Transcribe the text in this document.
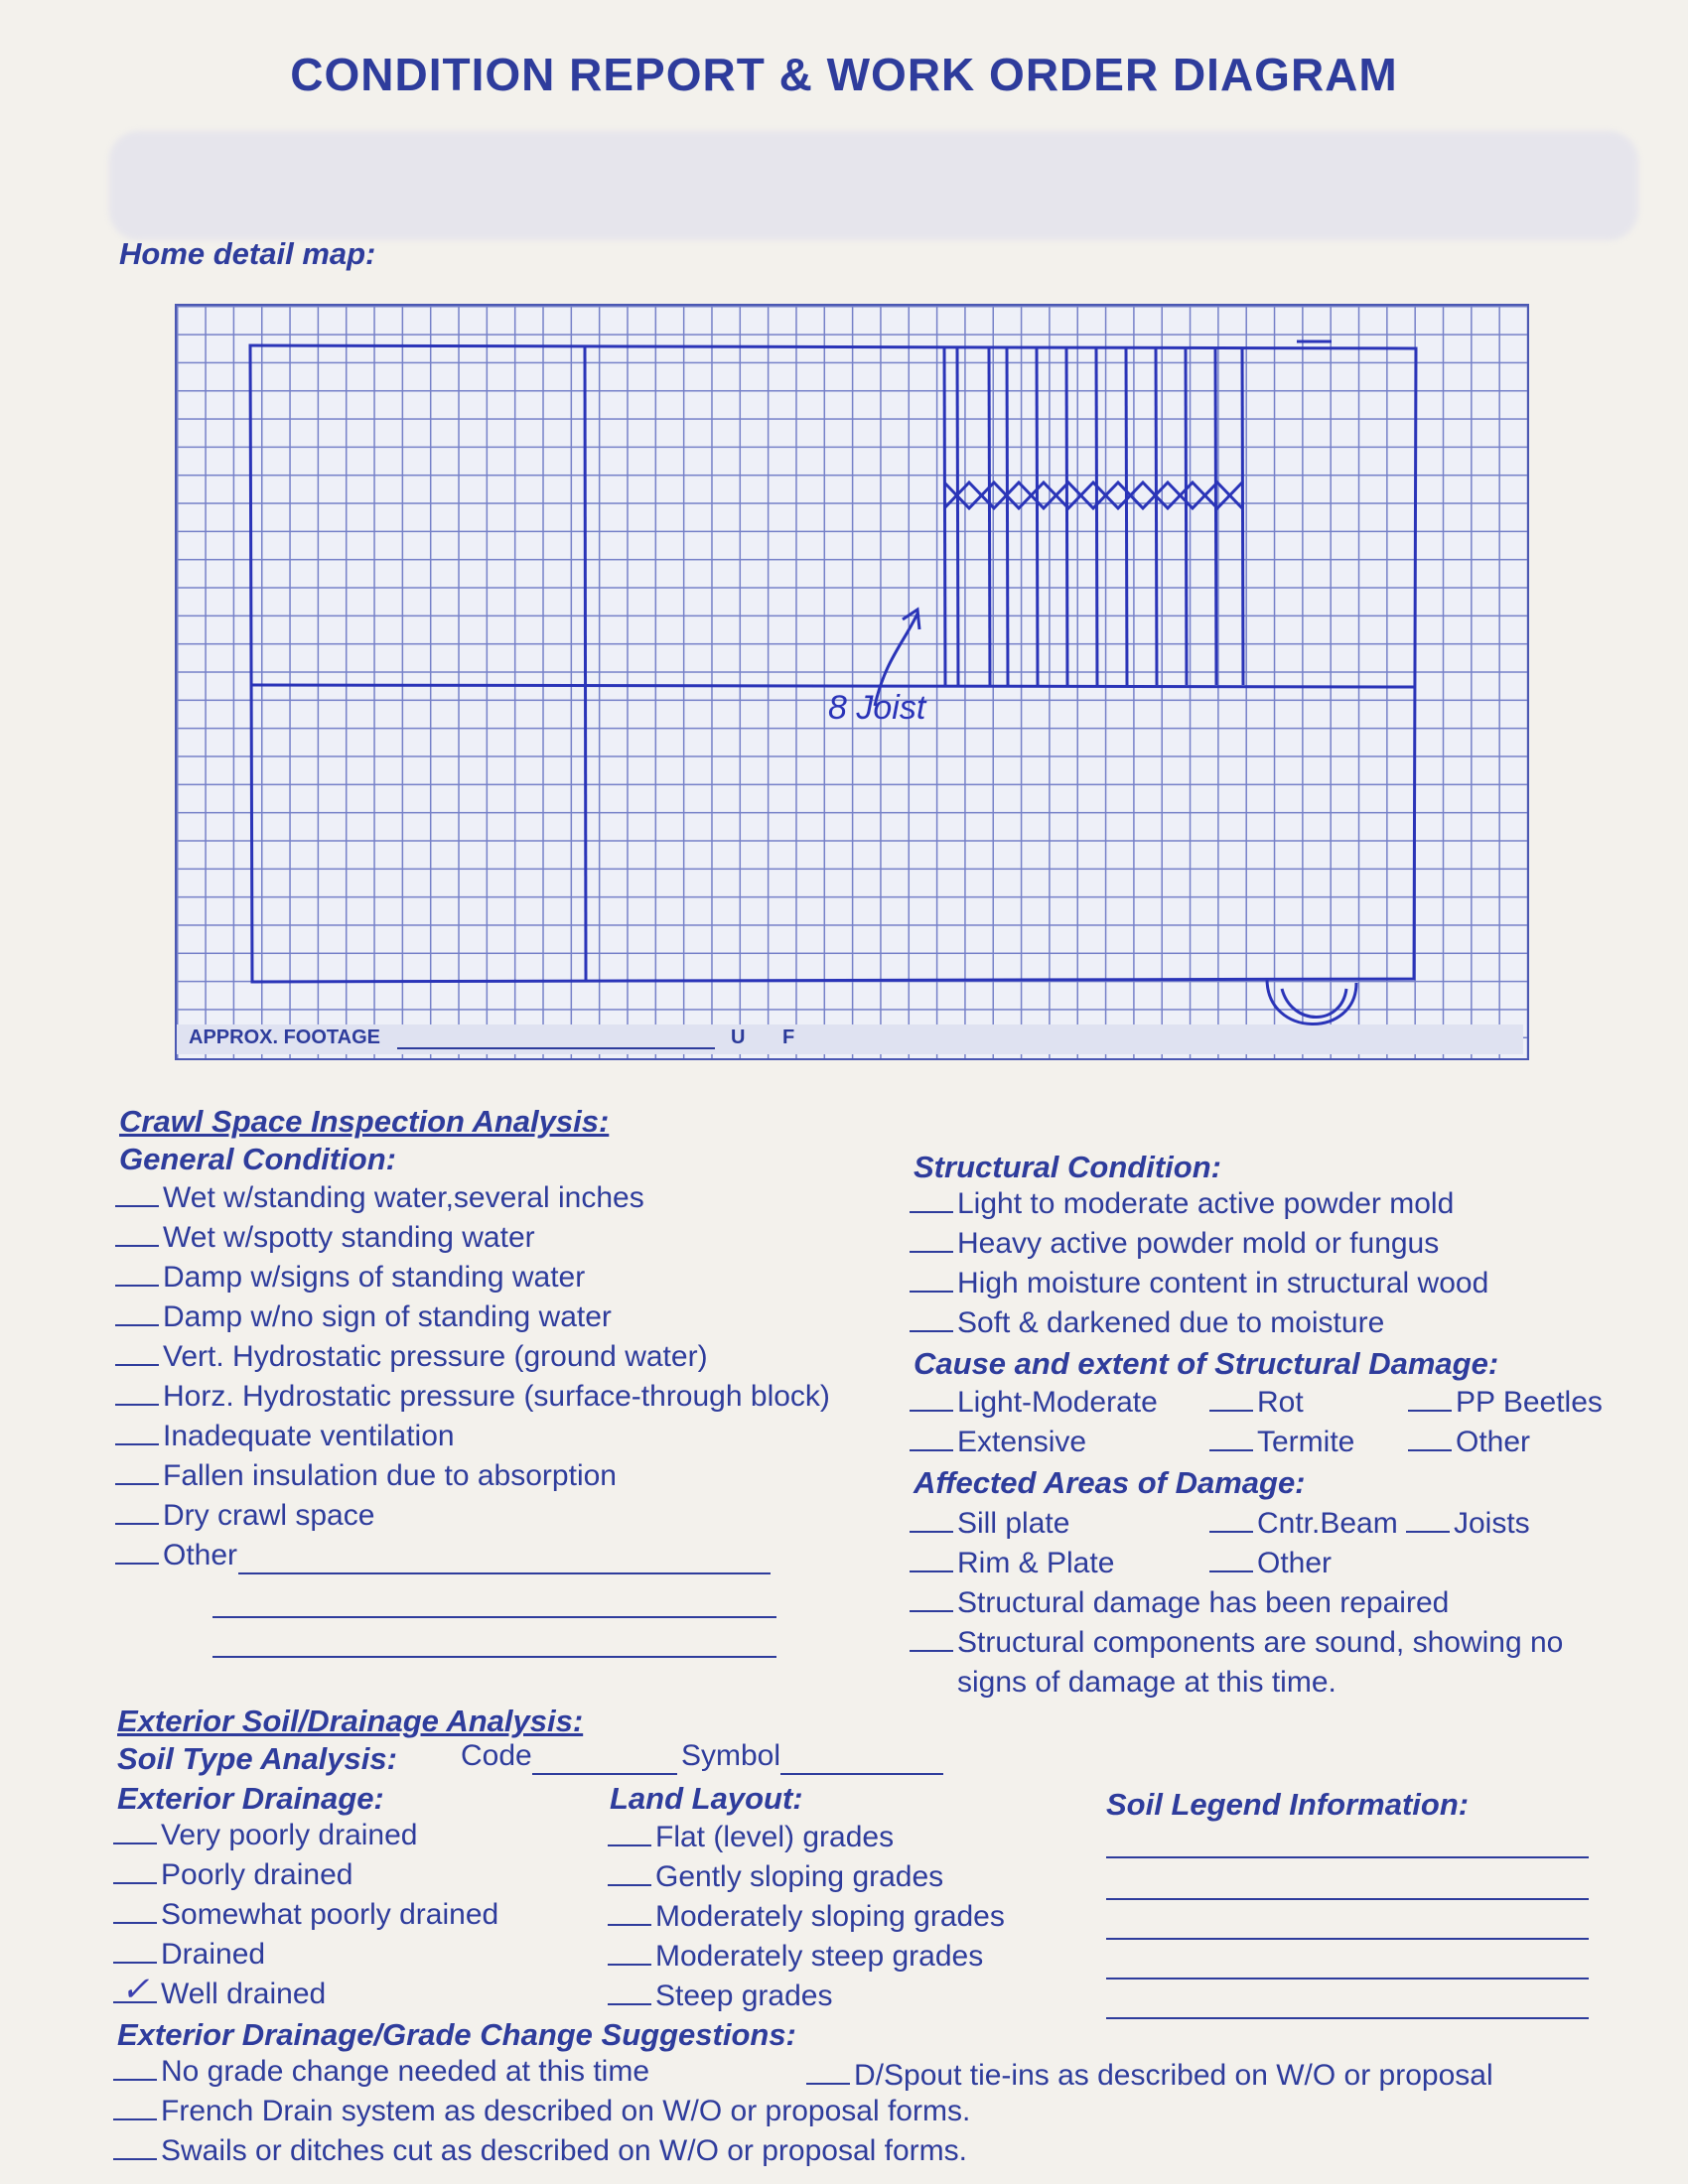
CONDITION REPORT & WORK ORDER DIAGRAM
Home detail map:
APPROX. FOOTAGE	U F
8 Joist
Crawl Space Inspection Analysis:
General Condition:
Wet w/standing water,several inches
Wet w/spotty standing water
Damp w/signs of standing water
Damp w/no sign of standing water
Vert. Hydrostatic pressure (ground water)
Horz. Hydrostatic pressure (surface-through block)
Inadequate ventilation
Fallen insulation due to absorption
Dry crawl space
Other
Structural Condition:
Light to moderate active powder mold
Heavy active powder mold or fungus
High moisture content in structural wood
Soft & darkened due to moisture
Cause and extent of Structural Damage:
Light-Moderate	Rot	PP Beetles
Extensive	Termite	Other
Affected Areas of Damage:
Sill plate	Cntr.Beam	Joists
Rim & Plate	Other
Structural damage has been repaired
Structural components are sound, showing no
signs of damage at this time.
Exterior Soil/Drainage Analysis:
Soil Type Analysis: Code	Symbol
Exterior Drainage:
Very poorly drained
Poorly drained
Somewhat poorly drained
Drained
Well drained
✓
Land Layout:
Flat (level) grades
Gently sloping grades
Moderately sloping grades
Moderately steep grades
Steep grades
Soil Legend Information:
Exterior Drainage/Grade Change Suggestions:
No grade change needed at this time	D/Spout tie-ins as described on W/O or proposal
French Drain system as described on W/O or proposal forms.
Swails or ditches cut as described on W/O or proposal forms.
